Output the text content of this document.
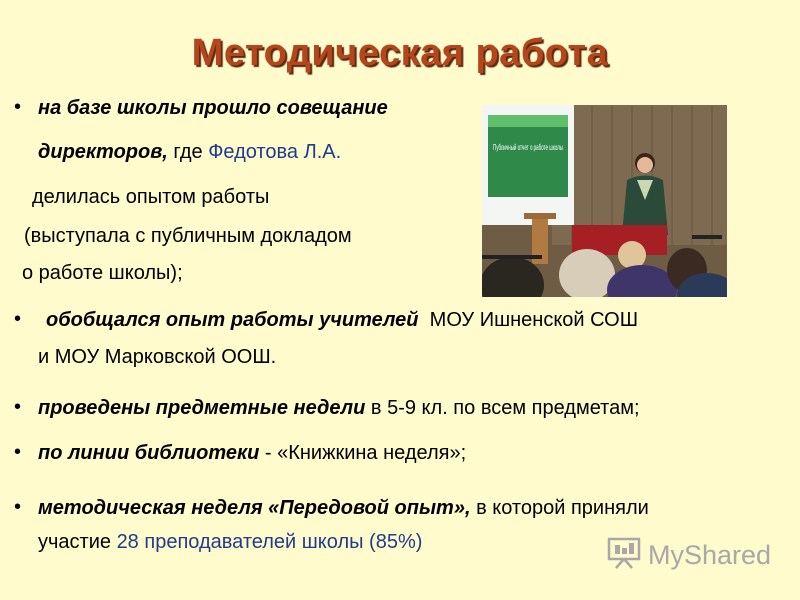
Методическая работа
• на базе школы прошло совещание
директоров, где Федотова Л.А.
делилась опытом работы
(выступала с публичным докладом
о работе школы);
Публичный отчет о работе школы
• обобщался опыт работы учителей МОУ Ишненской СОШ
и МОУ Марковской ООШ.
• проведены предметные недели в 5-9 кл. по всем предметам;
• по линии библиотеки - «Книжкина неделя»;
• методическая неделя «Передовой опыт», в которой приняли
участие 28 преподавателей школы (85%)	MyShared
